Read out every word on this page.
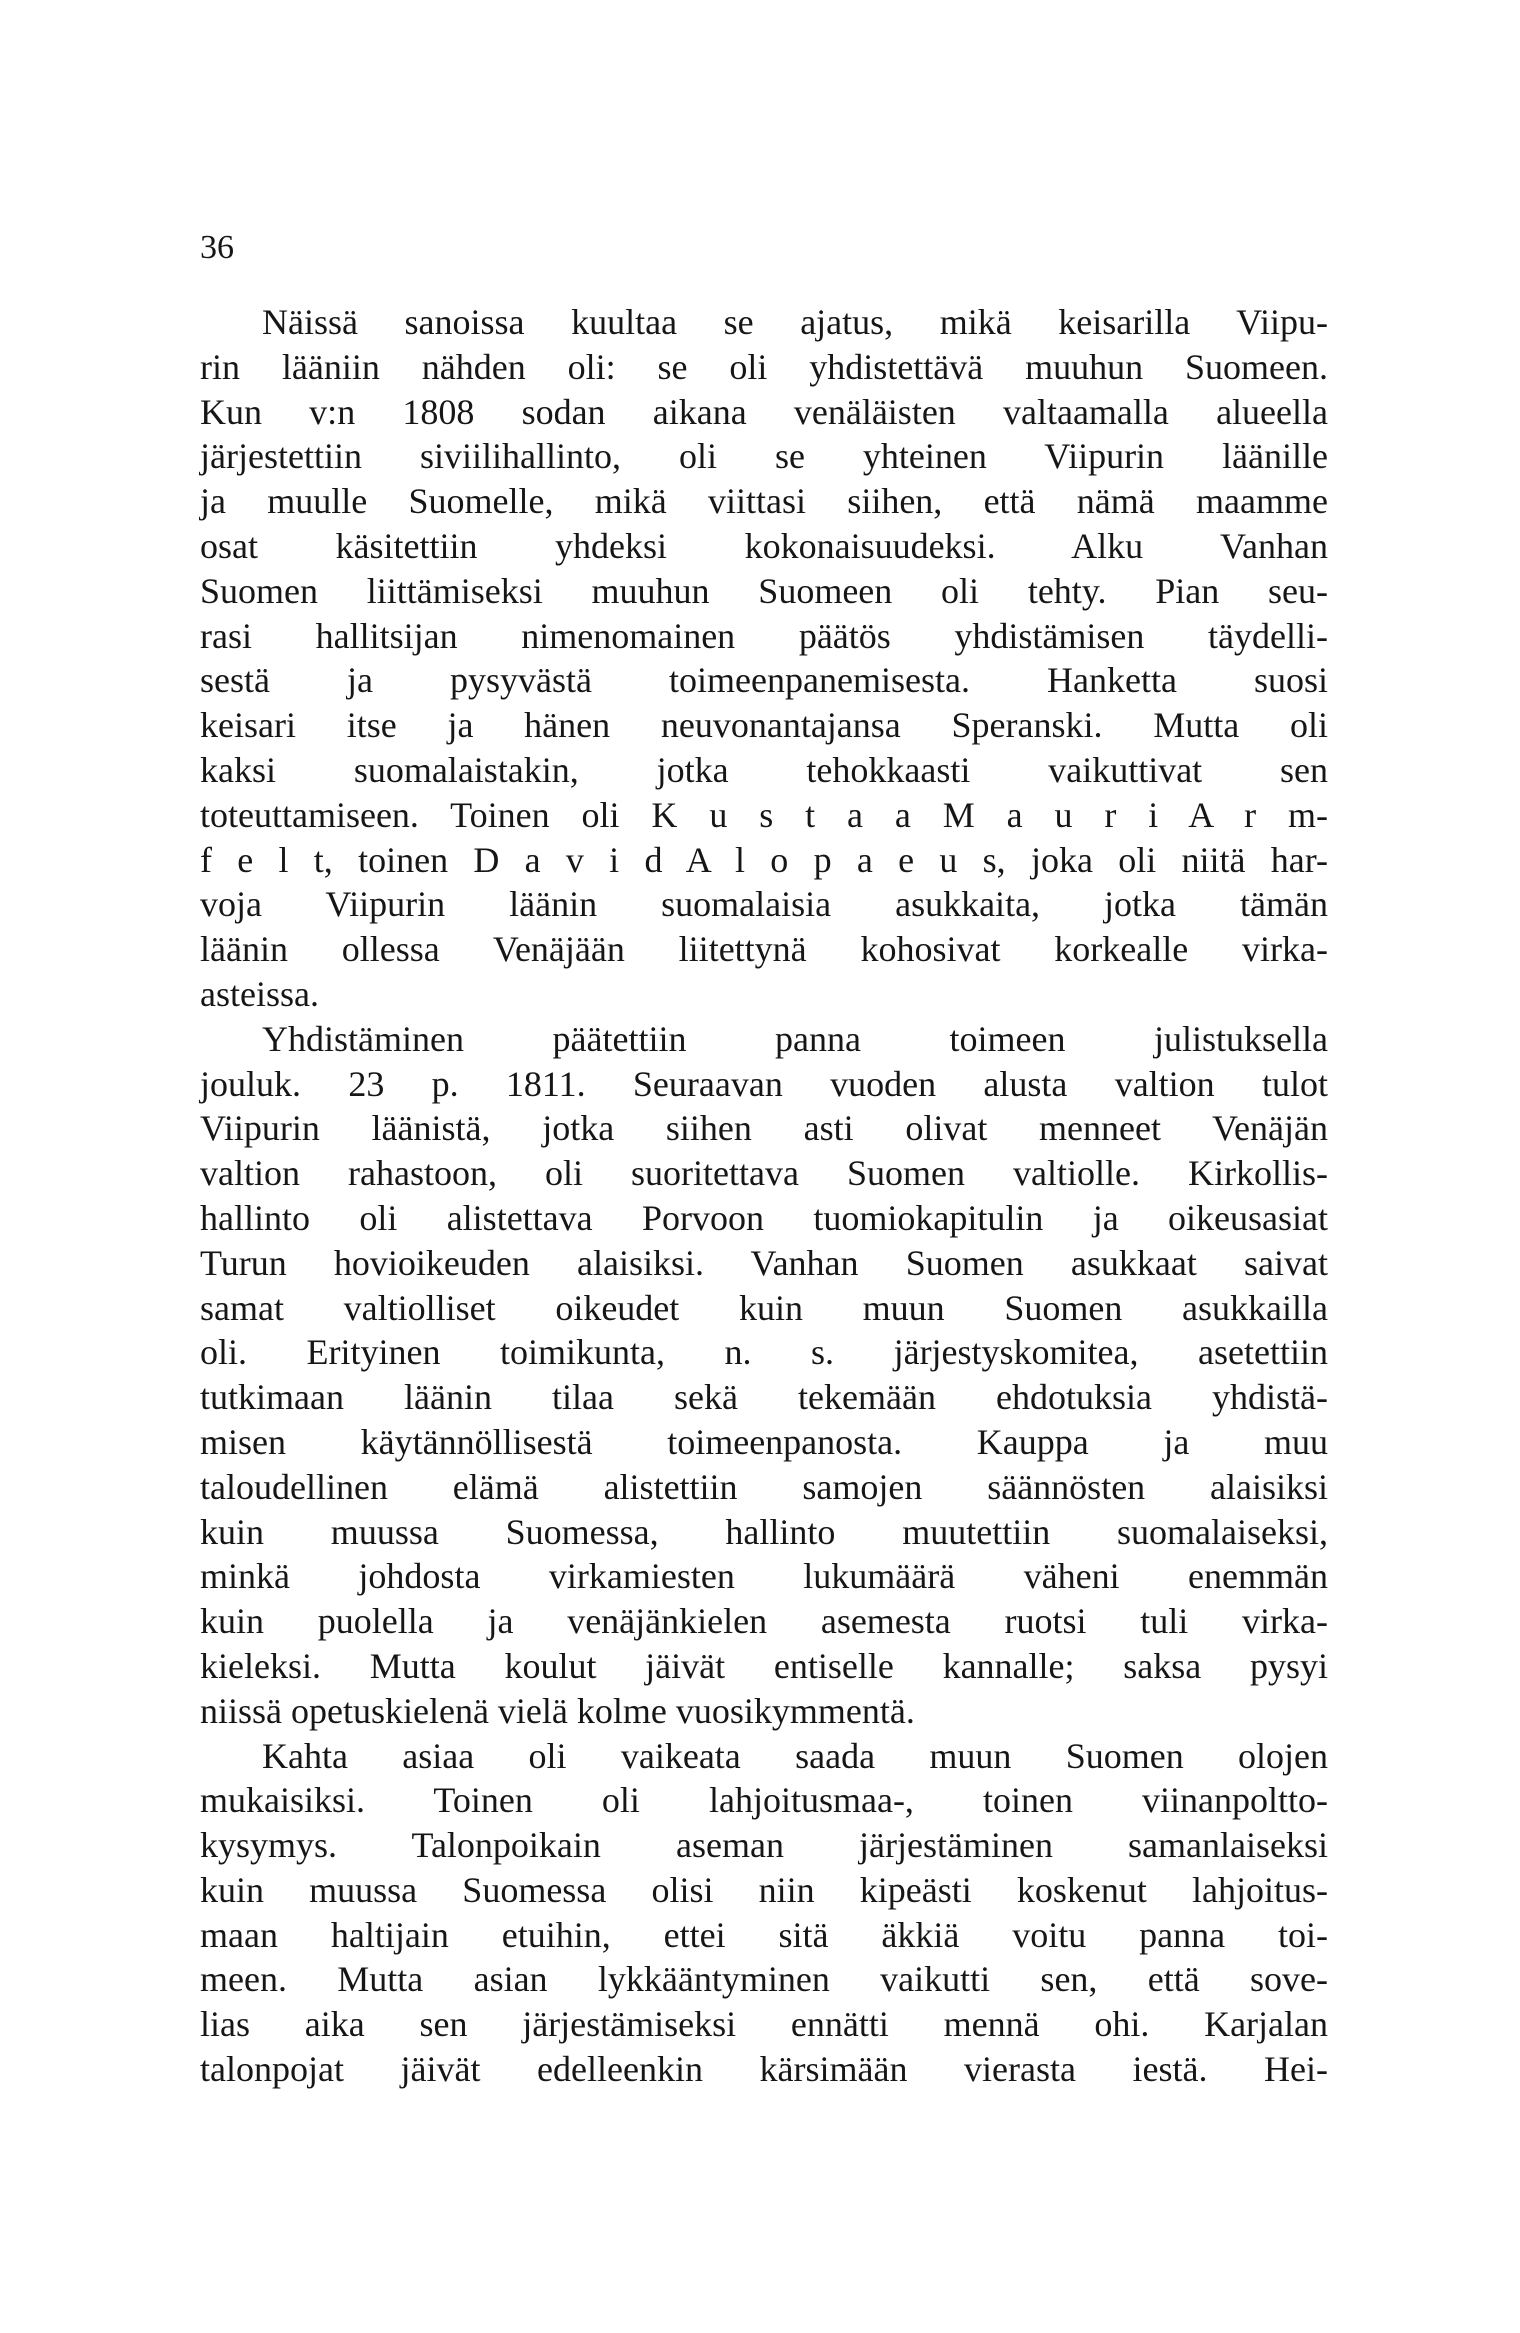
36
Näissä sanoissa kuultaa se ajatus, mikä keisarilla Viipu-
rin lääniin nähden oli: se oli yhdistettävä muuhun Suomeen.
Kun v:n 1808 sodan aikana venäläisten valtaamalla alueella
järjestettiin siviilihallinto, oli se yhteinen Viipurin läänille
ja muulle Suomelle, mikä viittasi siihen, että nämä maamme
osat käsitettiin yhdeksi kokonaisuudeksi. Alku Vanhan
Suomen liittämiseksi muuhun Suomeen oli tehty. Pian seu-
rasi hallitsijan nimenomainen päätös yhdistämisen täydelli-
sestä ja pysyvästä toimeenpanemisesta. Hanketta suosi
keisari itse ja hänen neuvonantajansa Speranski. Mutta oli
kaksi suomalaistakin, jotka tehokkaasti vaikuttivat sen
toteuttamiseen. Toinen oli K u s t a a M a u r i A r m-
f e l t, toinen D a v i d A l o p a e u s, joka oli niitä har-
voja Viipurin läänin suomalaisia asukkaita, jotka tämän
läänin ollessa Venäjään liitettynä kohosivat korkealle virka-
asteissa.
Yhdistäminen päätettiin panna toimeen julistuksella
jouluk. 23 p. 1811. Seuraavan vuoden alusta valtion tulot
Viipurin läänistä, jotka siihen asti olivat menneet Venäjän
valtion rahastoon, oli suoritettava Suomen valtiolle. Kirkollis-
hallinto oli alistettava Porvoon tuomiokapitulin ja oikeusasiat
Turun hovioikeuden alaisiksi. Vanhan Suomen asukkaat saivat
samat valtiolliset oikeudet kuin muun Suomen asukkailla
oli. Erityinen toimikunta, n. s. järjestyskomitea, asetettiin
tutkimaan läänin tilaa sekä tekemään ehdotuksia yhdistä-
misen käytännöllisestä toimeenpanosta. Kauppa ja muu
taloudellinen elämä alistettiin samojen säännösten alaisiksi
kuin muussa Suomessa, hallinto muutettiin suomalaiseksi,
minkä johdosta virkamiesten lukumäärä väheni enemmän
kuin puolella ja venäjänkielen asemesta ruotsi tuli virka-
kieleksi. Mutta koulut jäivät entiselle kannalle; saksa pysyi
niissä opetuskielenä vielä kolme vuosikymmentä.
Kahta asiaa oli vaikeata saada muun Suomen olojen
mukaisiksi. Toinen oli lahjoitusmaa-, toinen viinanpoltto-
kysymys. Talonpoikain aseman järjestäminen samanlaiseksi
kuin muussa Suomessa olisi niin kipeästi koskenut lahjoitus-
maan haltijain etuihin, ettei sitä äkkiä voitu panna toi-
meen. Mutta asian lykkääntyminen vaikutti sen, että sove-
lias aika sen järjestämiseksi ennätti mennä ohi. Karjalan
talonpojat jäivät edelleenkin kärsimään vierasta iestä. Hei-
